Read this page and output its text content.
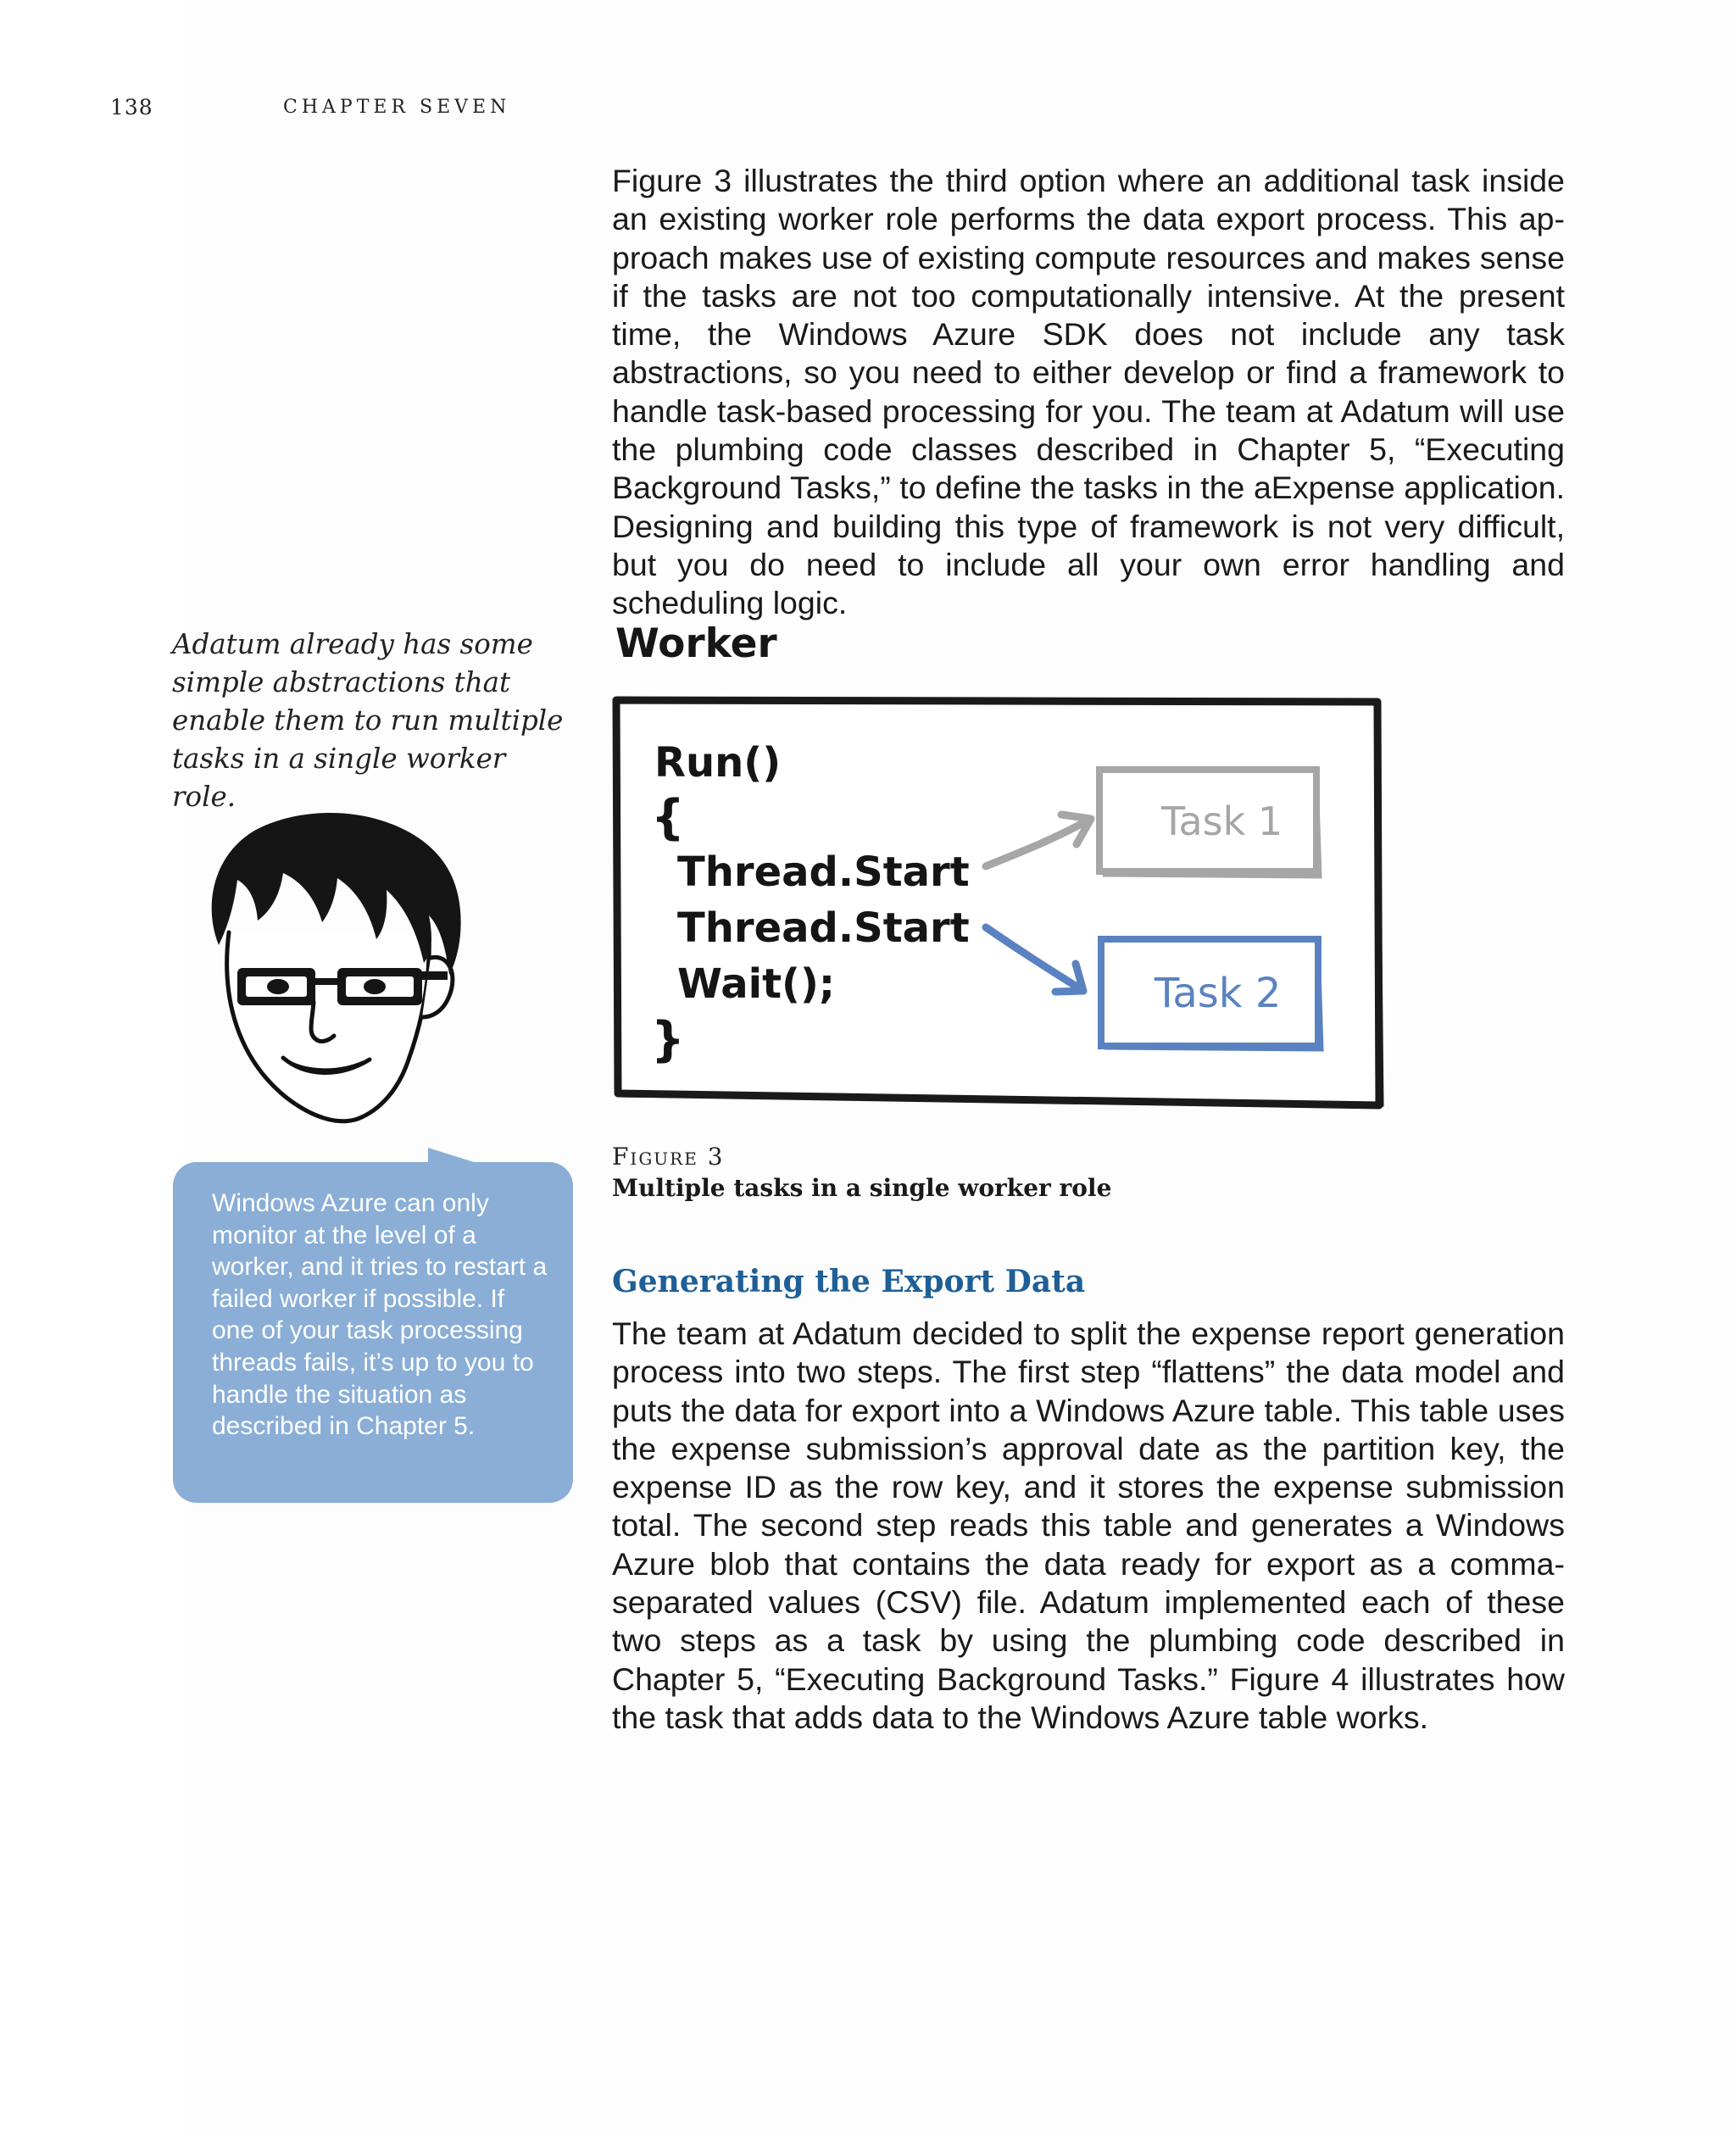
138	CHAPTER SEVEN

Figure 3 illustrates the third option where an additional task inside an existing worker role performs the data export process. This approach makes use of existing compute resources and makes sense if the tasks are not too computationally intensive. At the present time, the Windows Azure SDK does not include any task abstractions, so you need to either develop or find a framework to handle task-based processing for you. The team at Adatum will use the plumbing code classes described in Chapter 5, “Executing Background Tasks,” to define the tasks in the aExpense application. Designing and building this type of framework is not very difficult, but you do need to include all your own error handling and scheduling logic.

Adatum already has some simple abstractions that enable them to run multiple tasks in a single worker role.

Worker
Run()
{
Thread.Start
Thread.Start
Wait();
}
Task 1
Task 2
Figure 3
Multiple tasks in a single worker role
Generating the Export Data

The team at Adatum decided to split the expense report generation process into two steps. The first step “flattens” the data model and puts the data for export into a Windows Azure table. This table uses the expense submission’s approval date as the partition key, the expense ID as the row key, and it stores the expense submission total. The second step reads this table and generates a Windows Azure blob that contains the data ready for export as a comma-separated values (CSV) file. Adatum implemented each of these two steps as a task by using the plumbing code described in Chapter 5, “Executing Background Tasks.” Figure 4 illustrates how the task that adds data to the Windows Azure table works.

Windows Azure can only monitor at the level of a worker, and it tries to restart a failed worker if possible. If one of your task processing threads fails, it’s up to you to handle the situation as described in Chapter 5.
